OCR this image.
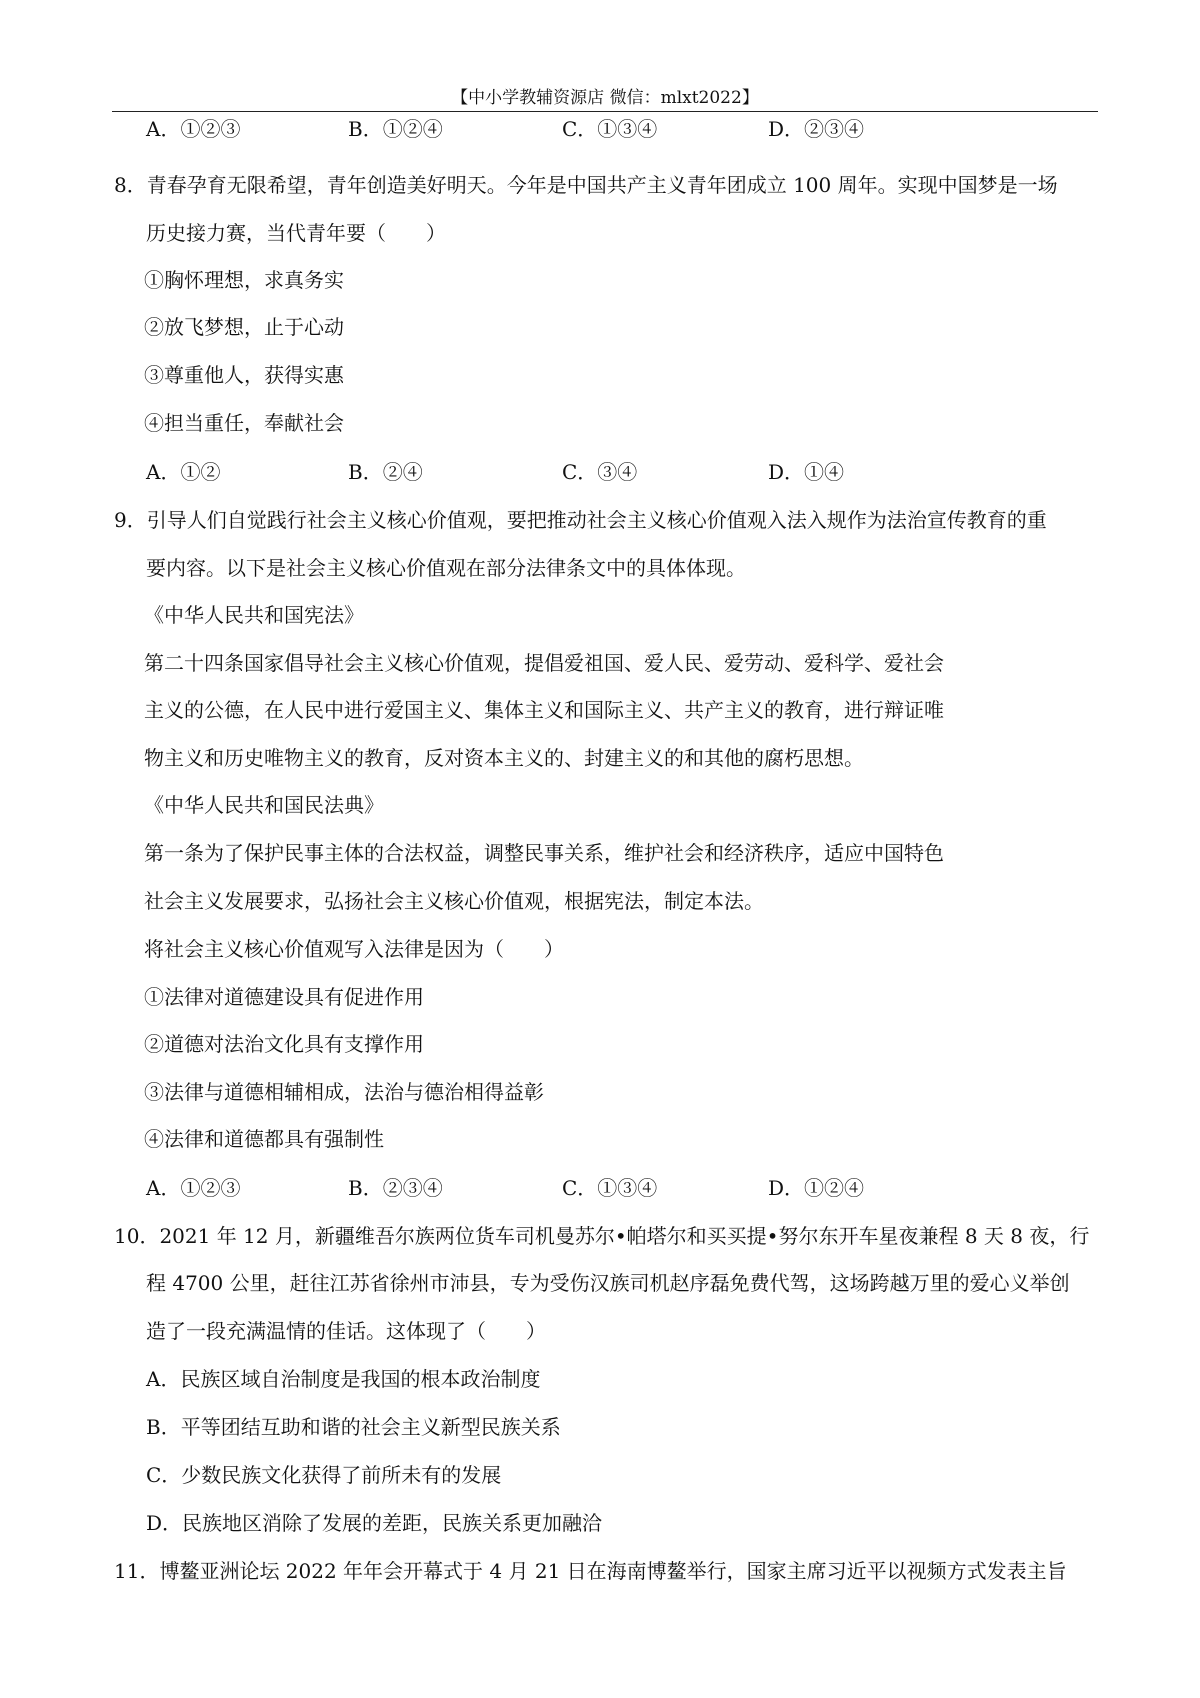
【中小学教辅资源店 微信：mlxt2022】
A．①②③	B．①②④	C．①③④	D．②③④
8．青春孕育无限希望，青年创造美好明天。今年是中国共产主义青年团成立 100 周年。实现中国梦是一场
历史接力赛，当代青年要（　　）
①胸怀理想，求真务实
②放飞梦想，止于心动
③尊重他人，获得实惠
④担当重任，奉献社会
A．①②	B．②④	C．③④	D．①④
9．引导人们自觉践行社会主义核心价值观，要把推动社会主义核心价值观入法入规作为法治宣传教育的重
要内容。以下是社会主义核心价值观在部分法律条文中的具体体现。
《中华人民共和国宪法》
第二十四条国家倡导社会主义核心价值观，提倡爱祖国、爱人民、爱劳动、爱科学、爱社会
主义的公德，在人民中进行爱国主义、集体主义和国际主义、共产主义的教育，进行辩证唯
物主义和历史唯物主义的教育，反对资本主义的、封建主义的和其他的腐朽思想。
《中华人民共和国民法典》
第一条为了保护民事主体的合法权益，调整民事关系，维护社会和经济秩序，适应中国特色
社会主义发展要求，弘扬社会主义核心价值观，根据宪法，制定本法。
将社会主义核心价值观写入法律是因为（　　）
①法律对道德建设具有促进作用
②道德对法治文化具有支撑作用
③法律与道德相辅相成，法治与德治相得益彰
④法律和道德都具有强制性
A．①②③	B．②③④	C．①③④	D．①②④
10．2021 年 12 月，新疆维吾尔族两位货车司机曼苏尔•帕塔尔和买买提•努尔东开车星夜兼程 8 天 8 夜，行
程 4700 公里，赶往江苏省徐州市沛县，专为受伤汉族司机赵序磊免费代驾，这场跨越万里的爱心义举创
造了一段充满温情的佳话。这体现了（　　）
A．民族区域自治制度是我国的根本政治制度
B．平等团结互助和谐的社会主义新型民族关系
C．少数民族文化获得了前所未有的发展
D．民族地区消除了发展的差距，民族关系更加融洽
11．博鳌亚洲论坛 2022 年年会开幕式于 4 月 21 日在海南博鳌举行，国家主席习近平以视频方式发表主旨
